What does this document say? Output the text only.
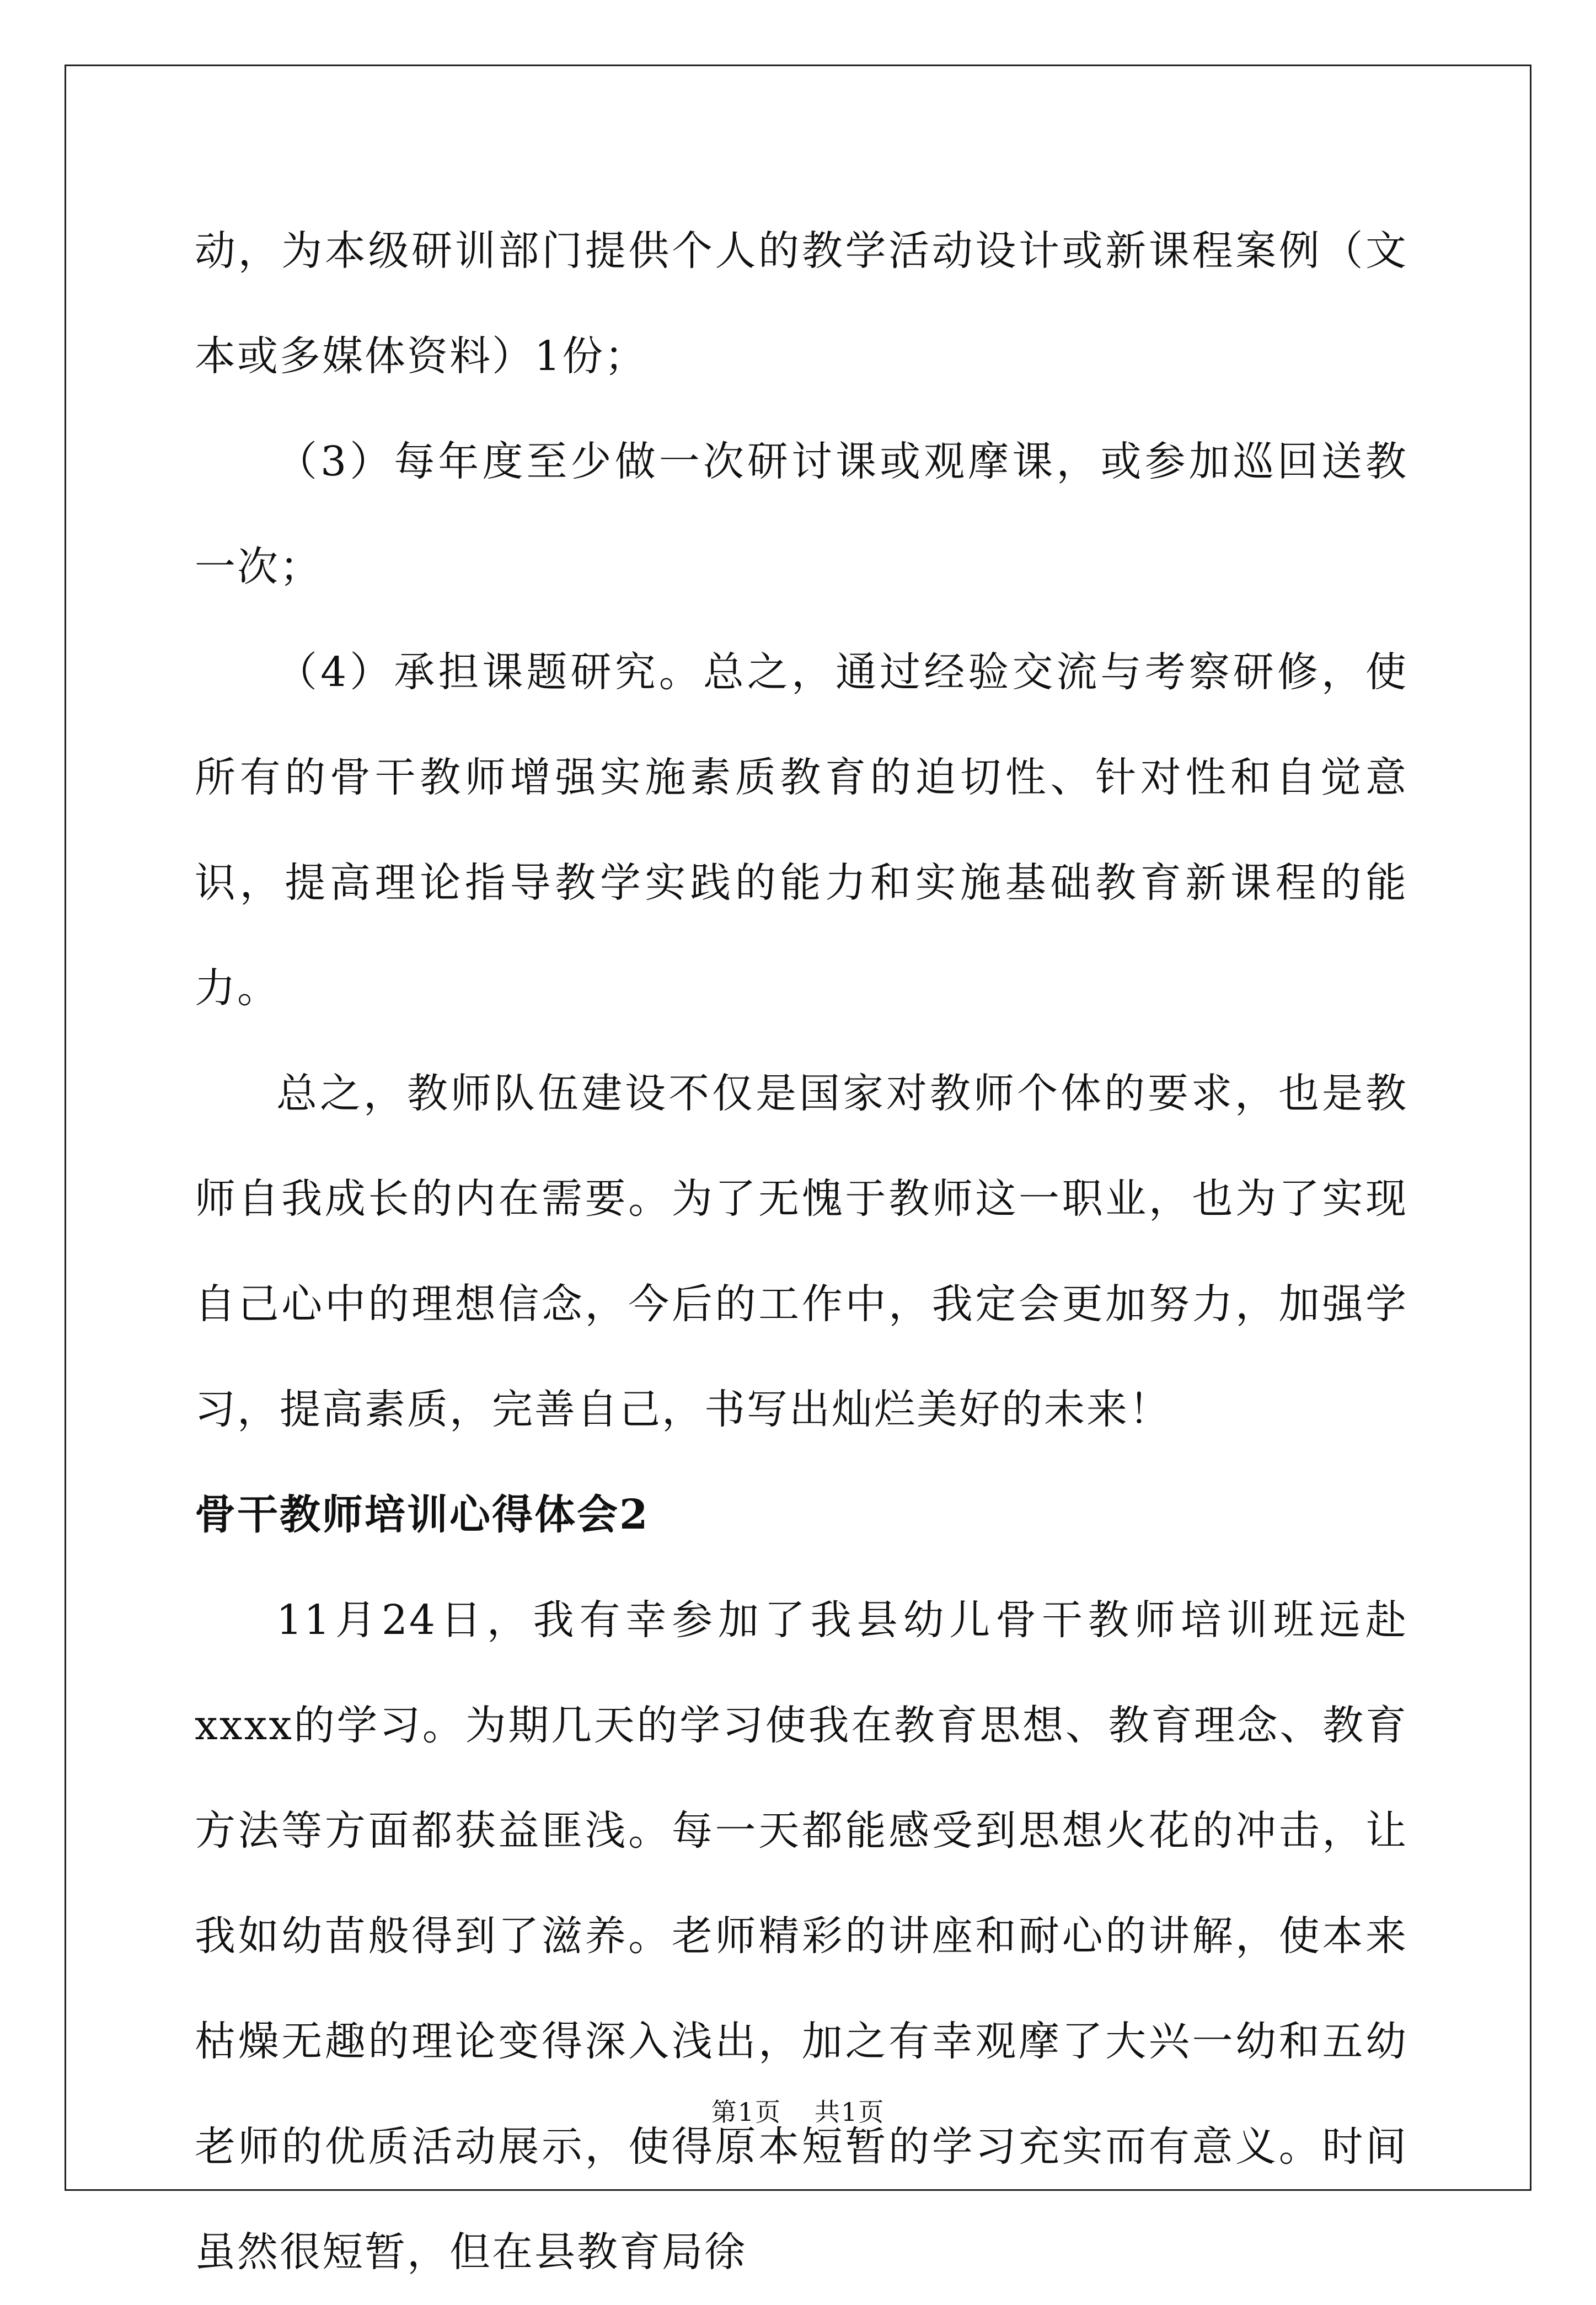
动，为本级研训部门提供个人的教学活动设计或新课程案例（文本或多媒体资料）1份；

（3）每年度至少做一次研讨课或观摩课，或参加巡回送教一次；

（4）承担课题研究。总之，通过经验交流与考察研修，使所有的骨干教师增强实施素质教育的迫切性、针对性和自觉意识，提高理论指导教学实践的能力和实施基础教育新课程的能力。

总之，教师队伍建设不仅是国家对教师个体的要求，也是教师自我成长的内在需要。为了无愧于教师这一职业，也为了实现自己心中的理想信念，今后的工作中，我定会更加努力，加强学习，提高素质，完善自己，书写出灿烂美好的未来！

骨干教师培训心得体会2

11月24日，我有幸参加了我县幼儿骨干教师培训班远赴xxxx的学习。为期几天的学习使我在教育思想、教育理念、教育方法等方面都获益匪浅。每一天都能感受到思想火花的冲击，让我如幼苗般得到了滋养。老师精彩的讲座和耐心的讲解，使本来枯燥无趣的理论变得深入浅出，加之有幸观摩了大兴一幼和五幼老师的优质活动展示，使得原本短暂的学习充实而有意义。时间虽然很短暂，但在县教育局徐

第1页 共1页
